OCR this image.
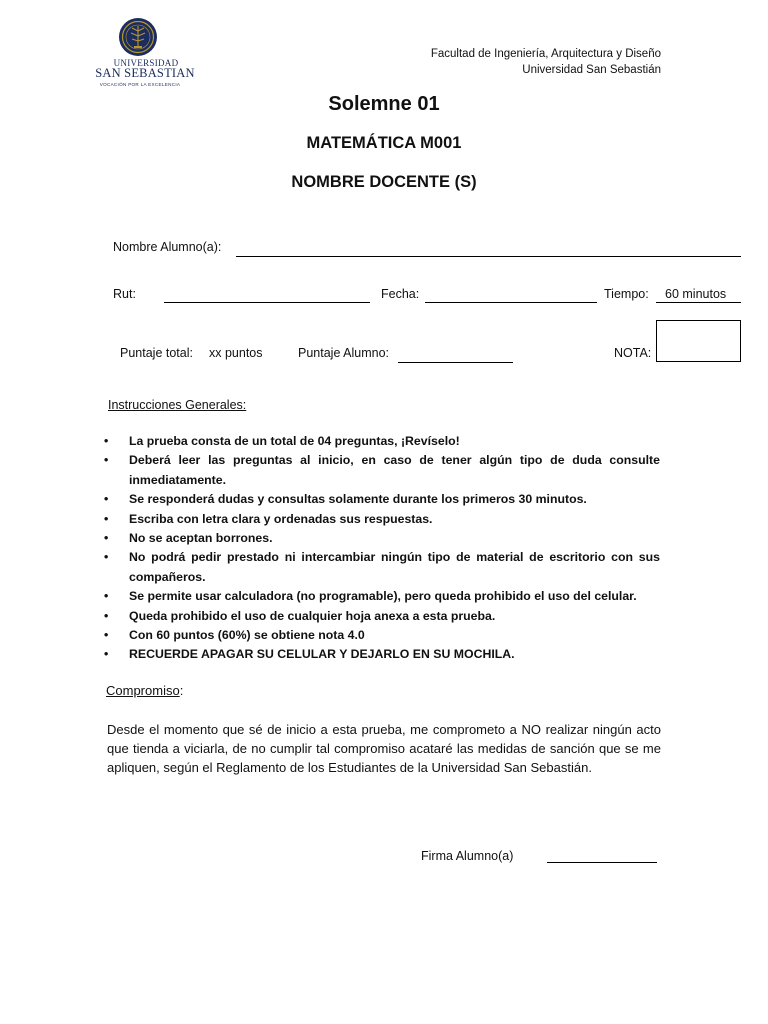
UNIVERSIDAD
SAN SEBASTIAN
VOCACIÓN POR LA EXCELENCIA
Facultad de Ingeniería, Arquitectura y Diseño
Universidad San Sebastián
Solemne 01
MATEMÁTICA M001
NOMBRE DOCENTE (S)
Nombre Alumno(a):
Rut:	Fecha:	Tiempo: 60 minutos
Puntaje total: xx puntos	Puntaje Alumno:	NOTA:
Instrucciones Generales:
• La prueba consta de un total de 04 preguntas, ¡Revíselo!
• Deberá leer las preguntas al inicio, en caso de tener algún tipo de duda consulte inmediatamente.
• Se responderá dudas y consultas solamente durante los primeros 30 minutos.
• Escriba con letra clara y ordenadas sus respuestas.
• No se aceptan borrones.
• No podrá pedir prestado ni intercambiar ningún tipo de material de escritorio con sus compañeros.
• Se permite usar calculadora (no programable), pero queda prohibido el uso del celular.
• Queda prohibido el uso de cualquier hoja anexa a esta prueba.
• Con 60 puntos (60%) se obtiene nota 4.0
• RECUERDE APAGAR SU CELULAR Y DEJARLO EN SU MOCHILA.
Compromiso:
Desde el momento que sé de inicio a esta prueba, me comprometo a NO realizar ningún acto que tienda a viciarla, de no cumplir tal compromiso acataré las medidas de sanción que se me apliquen, según el Reglamento de los Estudiantes de la Universidad San Sebastián.
Firma Alumno(a)
